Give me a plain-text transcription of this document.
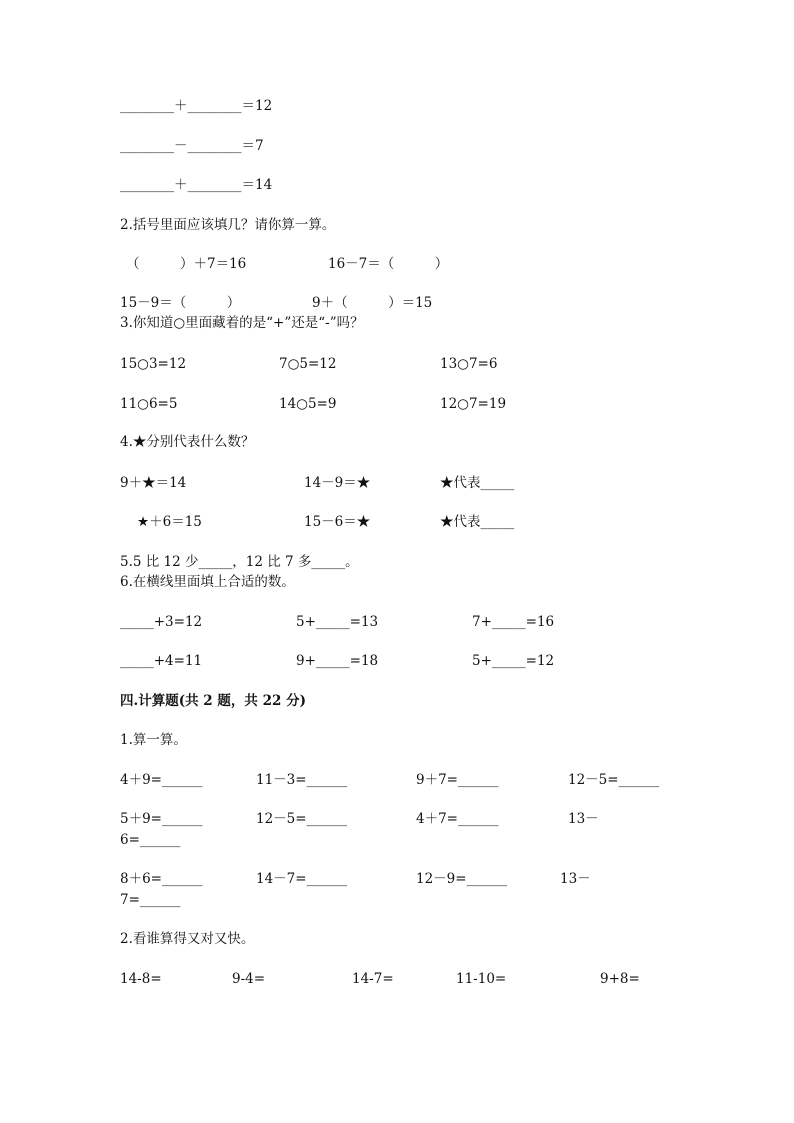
________＋________＝12
________－________＝7
________＋________＝14
2.括号里面应该填几？请你算一算。
（　　　）＋7＝16	16－7＝（　　　）
15－9＝（　　　）	9＋（　　　）＝15
3.你知道○里面藏着的是“+”还是“-”吗？
15○3=12	7○5=12	13○7=6
11○6=5	14○5=9	12○7=19
4.★分别代表什么数？
9＋★＝14	14－9＝★	★代表_____
★＋6＝15	15－6＝★	★代表_____
5.5 比 12 少_____，12 比 7 多_____。
6.在横线里面填上合适的数。
_____+3=12	5+_____=13	7+_____=16
_____+4=11	9+_____=18	5+_____=12
四.计算题(共 2 题，共 22 分)
1.算一算。
4＋9=______	11－3=______	9＋7=______	12－5=______
5＋9=______	12－5=______	4＋7=______	13－
6=______
8＋6=______	14－7=______	12－9=______	13－
7=______
2.看谁算得又对又快。
14-8=	9-4=	14-7=	11-10=	9+8=
